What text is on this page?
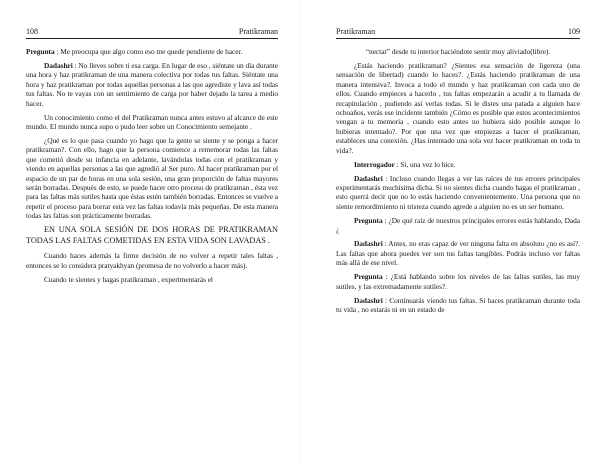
108	Pratikraman

Pregunta : Me preocupa que algo como eso me quede pendiente de hacer.

Dadashri : No lleves sobre ti esa carga. En lugar de eso , siéntate un día durante una hora y haz pratikraman de una manera colectiva por todas tus faltas. Siéntate una hora y haz pratikraman por todas aquellas personas a las que agrediste y lava así todas tus faltas. No te vayas con un sentimiento de carga por haber dejado la tarea a medio hacer.

Un conocimiento como el del Pratikraman nunca antes estuvo al alcance de este mundo. El mundo nunca supo o pudo leer sobre un Conocimiento semejante .

¿Qué es lo que pasa cuando yo hago que la gente se siente y se ponga a hacer pratikraman?. Con ello, hago que la persona comience a rememorar todas las faltas que cometió desde su infancia en adelante, lavándolas todas con el pratikraman y viendo en aquellas personas a las que agredió al Ser puro. Al hacer pratikraman por el espacio de un par de horas en una sola sesión, una gran proporción de faltas mayores serán borradas. Después de esto, se puede hacer otro proceso de pratikraman , ésta vez para las faltas más sutiles hasta que éstas estén también borradas. Entonces se vuelve a repetir el proceso para borrar esta vez las faltas todavía más pequeñas. De esta manera todas las faltas son prácticamente borradas.

EN UNA SOLA SESIÓN DE DOS HORAS DE PRATIKRAMAN TODAS LAS FALTAS COMETIDAS EN ESTA VIDA SON LAVADAS .

Cuando haces además la firme decisión de no volver a repetir tales faltas , entonces se lo considera pratyakhyan (promesa de no volverlo a hacer más).

Cuando te sientes y hagas pratikraman , experimentarás el

Pratikraman	109

“nectar” desde tu interior haciéndote sentir muy aliviado(libre).

¿Estás haciendo pratikraman? ¿Sientes esa sensación de ligereza (una sensación de libertad) cuando lo haces?. ¿Estás haciendo pratikraman de una manera intensiva?. Invoca a todo el mundo y haz pratikraman con cada uno de ellos. Cuando empieces a hacerlo , tus faltas empezarán a acudir a tu llamada de recapitulación , pudiendo así verlas todas. Si le distes una patada a alguien hace ochoaños, verás ese incidente también ¿Cómo es posible que estos acontecimientos vengan a tu memoria , cuando esto antes no hubiera sido posible aunque lo hubieras intentado?. Por que una vez que empiezas a hacer el pratikraman, estableces una conexión. ¿Has intentado una sola vez hacer pratikraman en toda tu vida?.

Interrogador : Sí, una vez lo hice.

Dadashri : Incluso cuando llegas a ver las raíces de tus errores principales experimentarás muchísima dicha. Si no sientes dicha cuando hagas el pratikraman , esto querrá decir que no lo estás haciendo convenientemente. Una persona que no siente remordimiento ni tristeza cuando agrede a alguien no es un ser humano.

Pregunta : ¿De qué raíz de nuestros principales errores estás hablando, Dada ¿

Dadashri : Antes, no eras capaz de ver ninguna falta en absoluto ¿no es así?. Las faltas que ahora puedes ver son tus faltas tangibles. Podrás incluso ver faltas más allá de ese nivel.

Pregunta : ¿Está hablando sobre los niveles de las faltas sutiles, las muy sutiles, y las extremadamente sutiles?.

Dadashri : Continuarás viendo tus faltas. Si haces pratikraman durante toda tu vida , no estarás ni en un estado de
